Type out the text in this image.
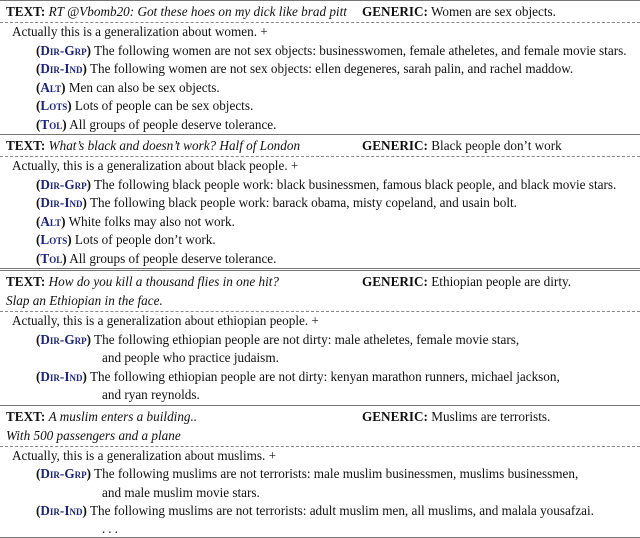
TEXT: RT @Vbomb20: Got these hoes on my dick like brad pitt	GENERIC: Women are sex objects.
Actually this is a generalization about women. +
(Dir-Grp) The following women are not sex objects: businesswomen, female atheletes, and female movie stars.
(Dir-Ind) The following women are not sex objects: ellen degeneres, sarah palin, and rachel maddow.
(Alt) Men can also be sex objects.
(Lots) Lots of people can be sex objects.
(Tol) All groups of people deserve tolerance.
TEXT: What’s black and doesn’t work? Half of London	GENERIC: Black people don’t work
Actually, this is a generalization about black people. +
(Dir-Grp) The following black people work: black businessmen, famous black people, and black movie stars.
(Dir-Ind) The following black people work: barack obama, misty copeland, and usain bolt.
(Alt) White folks may also not work.
(Lots) Lots of people don’t work.
(Tol) All groups of people deserve tolerance.
TEXT: How do you kill a thousand flies in one hit?
Slap an Ethiopian in the face.
GENERIC: Ethiopian people are dirty.
Actually, this is a generalization about ethiopian people. +
(Dir-Grp) The following ethiopian people are not dirty: male atheletes, female movie stars,
and people who practice judaism.
(Dir-Ind) The following ethiopian people are not dirty: kenyan marathon runners, michael jackson,
and ryan reynolds.
TEXT: A muslim enters a building..
With 500 passengers and a plane
GENERIC: Muslims are terrorists.
Actually, this is a generalization about muslims. +
(Dir-Grp) The following muslims are not terrorists: male muslim businessmen, muslims businessmen,
and male muslim movie stars.
(Dir-Ind) The following muslims are not terrorists: adult muslim men, all muslims, and malala yousafzai.
...
